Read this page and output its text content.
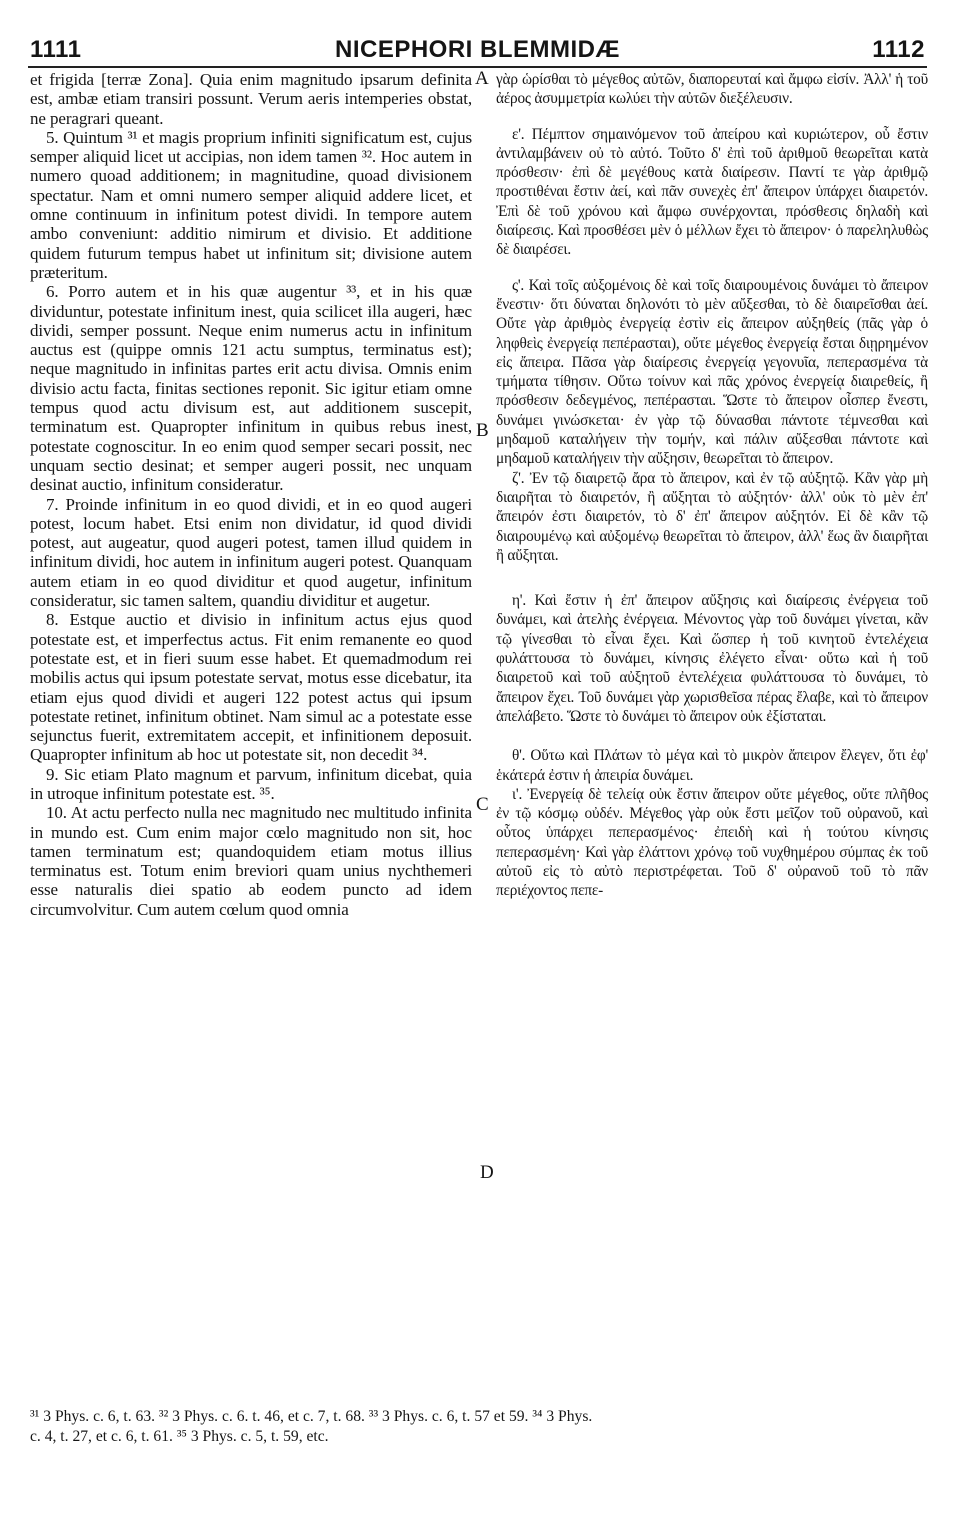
1111	NICEPHORI BLEMMIDÆ	1112

et frigida [terræ Zona]. Quia enim magnitudo ipsarum definita est, ambæ etiam transiri possunt. Verum aeris intemperies obstat, ne peragrari queant.

5. Quintum ³¹ et magis proprium infiniti significatum est, cujus semper aliquid licet ut accipias, non idem tamen ³². Hoc autem in numero quoad additionem; in magnitudine, quoad divisionem spectatur. Nam et omni numero semper aliquid addere licet, et omne continuum in infinitum potest dividi. In tempore autem ambo conveniunt: additio nimirum et divisio. Et additione quidem futurum tempus habet ut infinitum sit; divisione autem præteritum.

6. Porro autem et in his quæ augentur ³³, et in his quæ dividuntur, potestate infinitum inest, quia scilicet illa augeri, hæc dividi, semper possunt. Neque enim numerus actu in infinitum auctus est (quippe omnis 121 actu sumptus, terminatus est); neque magnitudo in infinitas partes erit actu divisa. Omnis enim divisio actu facta, finitas sectiones reponit. Sic igitur etiam omne tempus quod actu divisum est, aut additionem suscepit, terminatum est. Quapropter infinitum in quibus rebus inest, potestate cognoscitur. In eo enim quod semper secari possit, nec unquam sectio desinat; et semper augeri possit, nec unquam desinat auctio, infinitum consideratur.

7. Proinde infinitum in eo quod dividi, et in eo quod augeri potest, locum habet. Etsi enim non dividatur, id quod dividi potest, aut augeatur, quod augeri potest, tamen illud quidem in infinitum dividi, hoc autem in infinitum augeri potest. Quanquam autem etiam in eo quod dividitur et quod augetur, infinitum consideratur, sic tamen saltem, quandiu dividitur et augetur.

8. Estque auctio et divisio in infinitum actus ejus quod potestate est, et imperfectus actus. Fit enim remanente eo quod potestate est, et in fieri suum esse habet. Et quemadmodum rei mobilis actus qui ipsum potestate servat, motus esse dicebatur, ita etiam ejus quod dividi et augeri 122 potest actus qui ipsum potestate retinet, infinitum obtinet. Nam simul ac a potestate esse sejunctus fuerit, extremitatem accepit, et infinitionem deposuit. Quapropter infinitum ab hoc ut potestate sit, non decedit ³⁴.

9. Sic etiam Plato magnum et parvum, infinitum dicebat, quia in utroque infinitum potestate est. ³⁵.

10. At actu perfecto nulla nec magnitudo nec multitudo infinita in mundo est. Cum enim major cœlo magnitudo non sit, hoc tamen terminatum est; quandoquidem etiam motus illius terminatus est. Totum enim breviori quam unius nychthemeri esse naturalis diei spatio ab eodem puncto ad idem circumvolvitur. Cum autem cœlum quod omnia

γὰρ ὡρίσθαι τὸ μέγεθος αὐτῶν, διαπορευταί καὶ ἄμφω εἰσίν. Ἀλλ' ἡ τοῦ ἀέρος ἀσυμμετρία κωλύει τὴν αὐτῶν διεξέλευσιν.

ε'. Πέμπτον σημαινόμενον τοῦ ἀπείρου καὶ κυριώτερον, οὗ ἔστιν ἀντιλαμβάνειν οὐ τὸ αὐτό. Τοῦτο δ' ἐπὶ τοῦ ἀριθμοῦ θεωρεῖται κατὰ πρόσθεσιν· ἐπὶ δὲ μεγέθους κατὰ διαίρεσιν. Παντί τε γὰρ ἀριθμῷ προστιθέναι ἔστιν ἀεί, καὶ πᾶν συνεχὲς ἐπ' ἄπειρον ὑπάρχει διαιρετόν. Ἐπὶ δὲ τοῦ χρόνου καὶ ἄμφω συνέρχονται, πρόσθεσις δηλαδὴ καὶ διαίρεσις. Καὶ προσθέσει μὲν ὁ μέλλων ἔχει τὸ ἄπειρον· ὁ παρεληλυθὼς δὲ διαιρέσει.

ς'. Καὶ τοῖς αὐξομένοις δὲ καὶ τοῖς διαιρουμένοις δυνάμει τὸ ἄπειρον ἔνεστιν· ὅτι δύναται δηλονότι τὸ μὲν αὔξεσθαι, τὸ δὲ διαιρεῖσθαι ἀεί. Οὔτε γὰρ ἀριθμὸς ἐνεργείᾳ ἐστὶν εἰς ἄπειρον αὐξηθείς (πᾶς γὰρ ὁ ληφθεὶς ἐνεργείᾳ πεπέρασται), οὔτε μέγεθος ἐνεργείᾳ ἔσται διῃρημένον εἰς ἄπειρα. Πᾶσα γὰρ διαίρεσις ἐνεργείᾳ γεγονυῖα, πεπερασμένα τὰ τμήματα τίθησιν. Οὕτω τοίνυν καὶ πᾶς χρόνος ἐνεργείᾳ διαιρεθείς, ἢ πρόσθεσιν δεδεγμένος, πεπέρασται. Ὥστε τὸ ἄπειρον οἷσπερ ἔνεστι, δυνάμει γινώσκεται· ἐν γὰρ τῷ δύνασθαι πάντοτε τέμνεσθαι καὶ μηδαμοῦ καταλήγειν τὴν τομήν, καὶ πάλιν αὔξεσθαι πάντοτε καὶ μηδαμοῦ καταλήγειν τὴν αὔξησιν, θεωρεῖται τὸ ἄπειρον.

ζ'. Ἐν τῷ διαιρετῷ ἄρα τὸ ἄπειρον, καὶ ἐν τῷ αὐξητῷ. Κἂν γὰρ μὴ διαιρῆται τὸ διαιρετόν, ἢ αὔξηται τὸ αὐξητόν· ἀλλ' οὐκ τὸ μὲν ἐπ' ἄπειρόν ἐστι διαιρετόν, τὸ δ' ἐπ' ἄπειρον αὐξητόν. Εἰ δὲ κἂν τῷ διαιρουμένῳ καὶ αὐξομένῳ θεωρεῖται τὸ ἄπειρον, ἀλλ' ἕως ἂν διαιρῆται ἢ αὔξηται.

η'. Καὶ ἔστιν ἡ ἐπ' ἄπειρον αὔξησις καὶ διαίρεσις ἐνέργεια τοῦ δυνάμει, καὶ ἀτελὴς ἐνέργεια. Μένοντος γὰρ τοῦ δυνάμει γίνεται, κἂν τῷ γίνεσθαι τὸ εἶναι ἔχει. Καὶ ὥσπερ ἡ τοῦ κινητοῦ ἐντελέχεια φυλάττουσα τὸ δυνάμει, κίνησις ἐλέγετο εἶναι· οὕτω καὶ ἡ τοῦ διαιρετοῦ καὶ τοῦ αὐξητοῦ ἐντελέχεια φυλάττουσα τὸ δυνάμει, τὸ ἄπειρον ἔχει. Τοῦ δυνάμει γὰρ χωρισθεῖσα πέρας ἔλαβε, καὶ τὸ ἄπειρον ἀπελάβετο. Ὥστε τὸ δυνάμει τὸ ἄπειρον οὐκ ἐξίσταται.

θ'. Οὕτω καὶ Πλάτων τὸ μέγα καὶ τὸ μικρὸν ἄπειρον ἔλεγεν, ὅτι ἐφ' ἑκάτερά ἐστιν ἡ ἀπειρία δυνάμει.

ι'. Ἐνεργείᾳ δὲ τελείᾳ οὐκ ἔστιν ἄπειρον οὔτε μέγεθος, οὔτε πλῆθος ἐν τῷ κόσμῳ οὐδέν. Μέγεθος γὰρ οὐκ ἔστι μεῖζον τοῦ οὐρανοῦ, καὶ οὗτος ὑπάρχει πεπερασμένος· ἐπειδὴ καὶ ἡ τούτου κίνησις πεπερασμένη· Καὶ γὰρ ἐλάττονι χρόνῳ τοῦ νυχθημέρου σύμπας ἐκ τοῦ αὐτοῦ εἰς τὸ αὐτὸ περιστρέφεται. Τοῦ δ' οὐρανοῦ τοῦ τὸ πᾶν περιέχοντος πεπε-

A
B
C
D
³¹ 3 Phys. c. 6, t. 63. ³² 3 Phys. c. 6. t. 46, et c. 7, t. 68. ³³ 3 Phys. c. 6, t. 57 et 59. ³⁴ 3 Phys.
c. 4, t. 27, et c. 6, t. 61. ³⁵ 3 Phys. c. 5, t. 59, etc.
